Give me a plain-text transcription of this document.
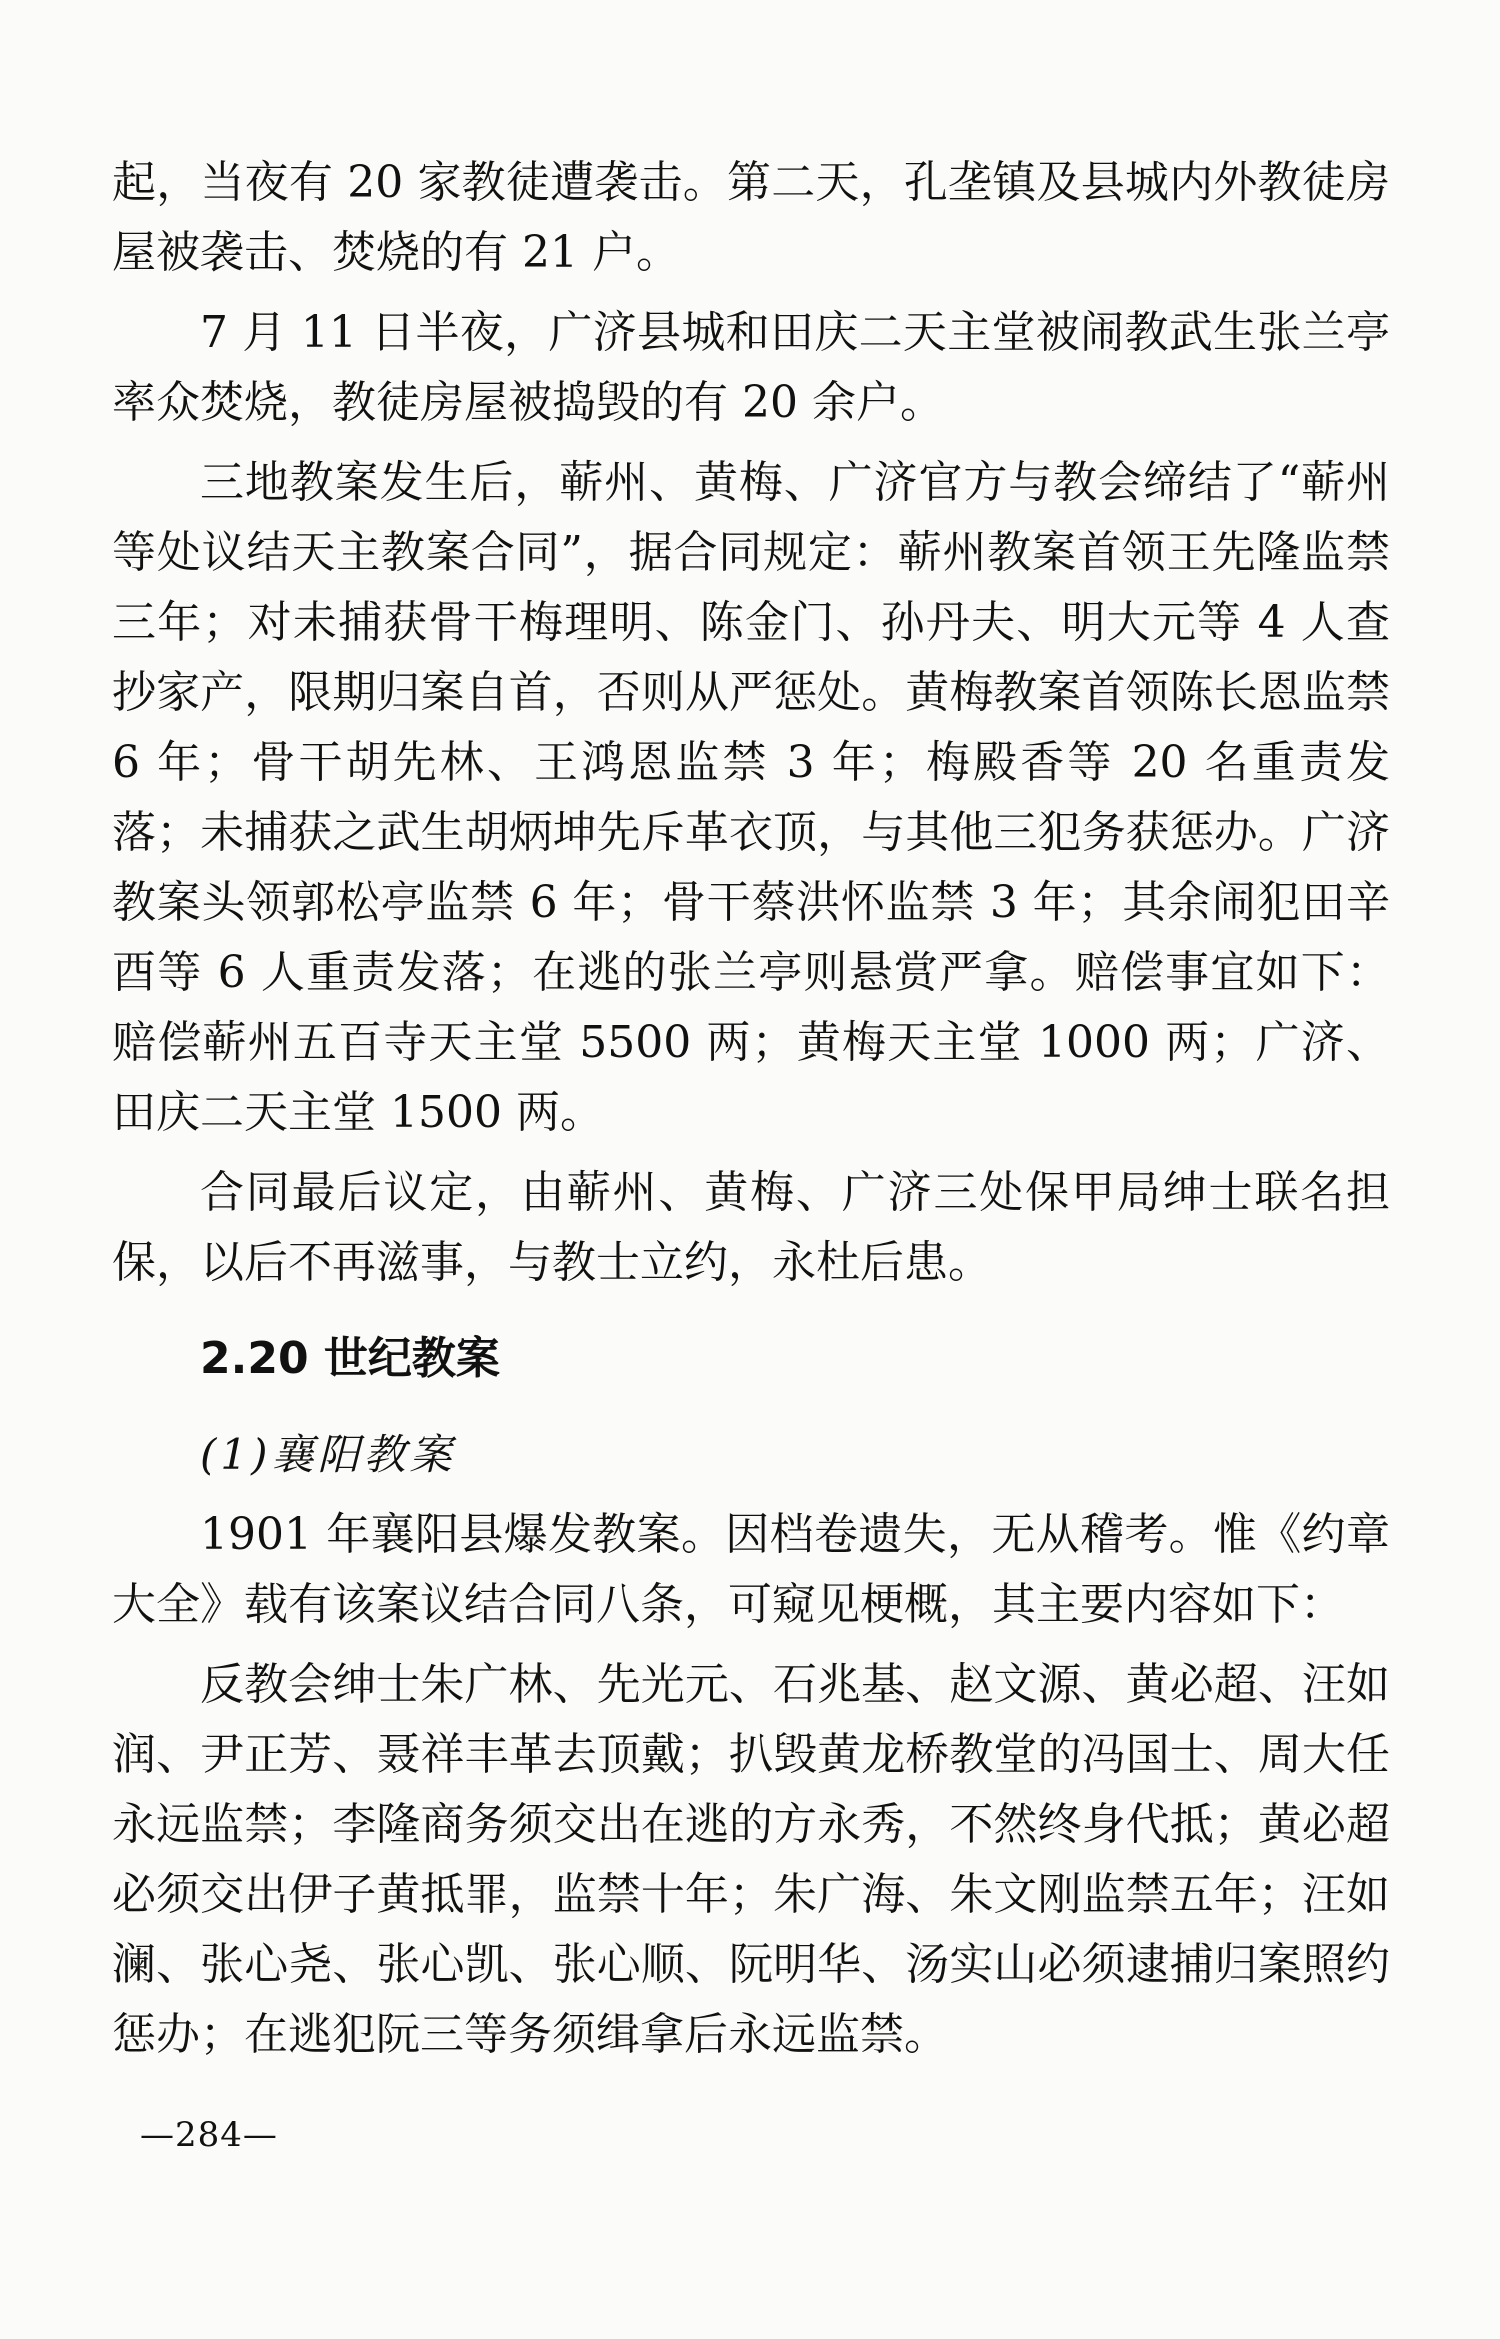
起，当夜有 20 家教徒遭袭击。第二天，孔垄镇及县城内外教徒房屋被袭击、焚烧的有 21 户。

7 月 11 日半夜，广济县城和田庆二天主堂被闹教武生张兰亭率众焚烧，教徒房屋被捣毁的有 20 余户。

三地教案发生后，蕲州、黄梅、广济官方与教会缔结了“蕲州等处议结天主教案合同”，据合同规定：蕲州教案首领王先隆监禁三年；对未捕获骨干梅理明、陈金门、孙丹夫、明大元等 4 人查抄家产，限期归案自首，否则从严惩处。黄梅教案首领陈长恩监禁 6 年；骨干胡先林、王鸿恩监禁 3 年；梅殿香等 20 名重责发落；未捕获之武生胡炳坤先斥革衣顶，与其他三犯务获惩办。广济教案头领郭松亭监禁 6 年；骨干蔡洪怀监禁 3 年；其余闹犯田辛酉等 6 人重责发落；在逃的张兰亭则悬赏严拿。赔偿事宜如下：赔偿蕲州五百寺天主堂 5500 两；黄梅天主堂 1000 两；广济、田庆二天主堂 1500 两。

合同最后议定，由蕲州、黄梅、广济三处保甲局绅士联名担保，以后不再滋事，与教士立约，永杜后患。

2.20 世纪教案
(1)襄阳教案

1901 年襄阳县爆发教案。因档卷遗失，无从稽考。惟《约章大全》载有该案议结合同八条，可窥见梗概，其主要内容如下：

反教会绅士朱广林、先光元、石兆基、赵文源、黄必超、汪如润、尹正芳、聂祥丰革去顶戴；扒毁黄龙桥教堂的冯国士、周大任永远监禁；李隆商务须交出在逃的方永秀，不然终身代抵；黄必超必须交出伊子黄抵罪，监禁十年；朱广海、朱文刚监禁五年；汪如澜、张心尧、张心凯、张心顺、阮明华、汤实山必须逮捕归案照约惩办；在逃犯阮三等务须缉拿后永远监禁。

—284—
